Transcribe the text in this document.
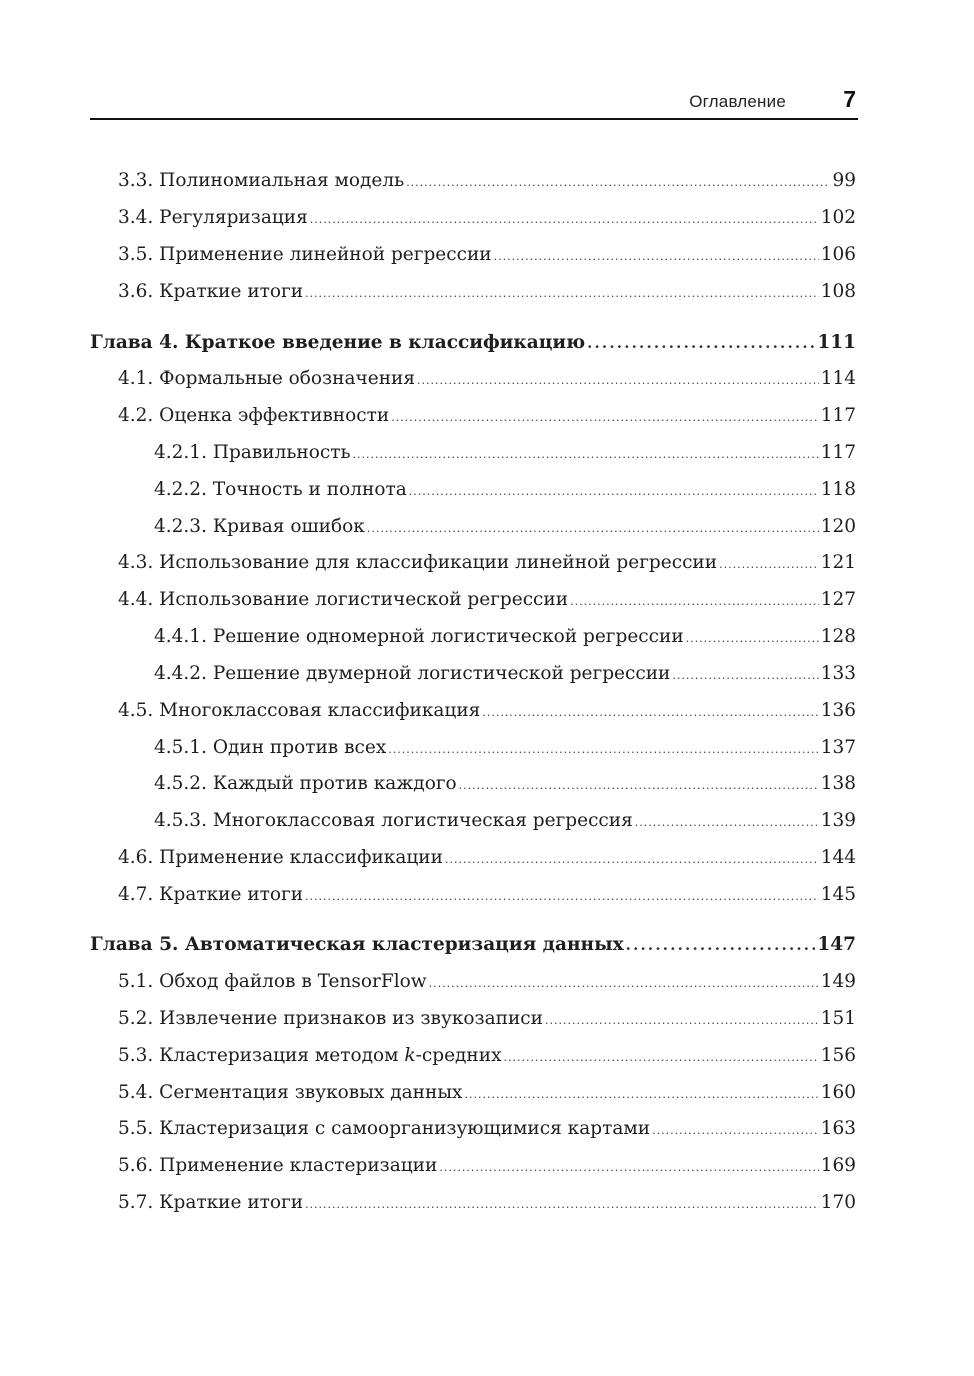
Оглавление 7
3.3. Полиномиальная модель .....	99
3.4. Регуляризация .....	102
3.5. Применение линейной регрессии .....	106
3.6. Краткие итоги .....	108
Глава 4. Краткое введение в классификацию .....	111
4.1. Формальные обозначения .....	114
4.2. Оценка эффективности .....	117
4.2.1. Правильность .....	117
4.2.2. Точность и полнота .....	118
4.2.3. Кривая ошибок .....	120
4.3. Использование для классификации линейной регрессии .....	121
4.4. Использование логистической регрессии .....	127
4.4.1. Решение одномерной логистической регрессии .....	128
4.4.2. Решение двумерной логистической регрессии .....	133
4.5. Многоклассовая классификация .....	136
4.5.1. Один против всех .....	137
4.5.2. Каждый против каждого .....	138
4.5.3. Многоклассовая логистическая регрессия .....	139
4.6. Применение классификации .....	144
4.7. Краткие итоги .....	145
Глава 5. Автоматическая кластеризация данных .....	147
5.1. Обход файлов в TensorFlow .....	149
5.2. Извлечение признаков из звукозаписи .....	151
5.3. Кластеризация методом k-средних .....	156
5.4. Сегментация звуковых данных .....	160
5.5. Кластеризация с самоорганизующимися картами .....	163
5.6. Применение кластеризации .....	169
5.7. Краткие итоги .....	170
